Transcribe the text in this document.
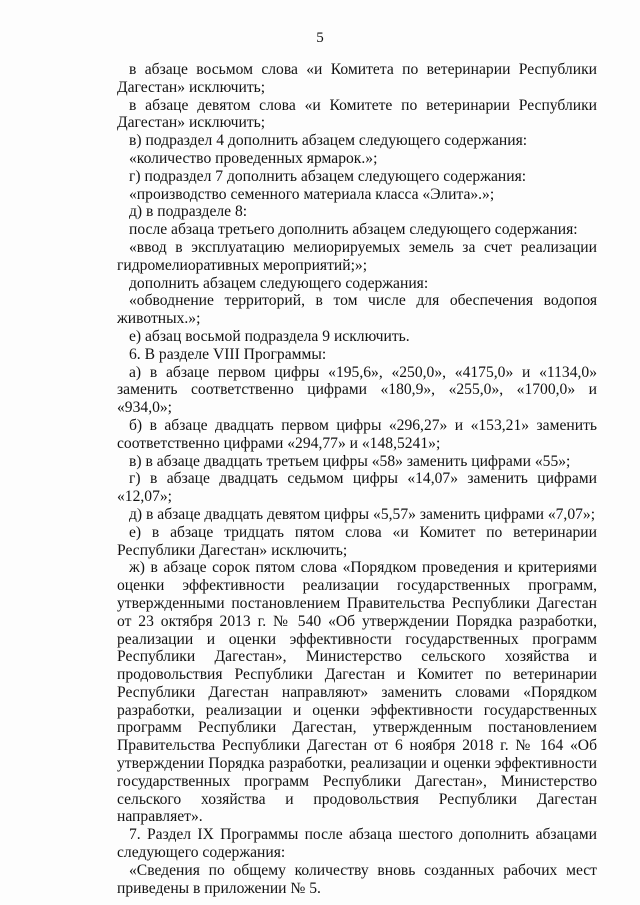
5

в абзаце восьмом слова «и Комитета по ветеринарии Республики Дагестан» исключить;

в абзаце девятом слова «и Комитете по ветеринарии Республики Дагестан» исключить;

в) подраздел 4 дополнить абзацем следующего содержания:

«количество проведенных ярмарок.»;

г) подраздел 7 дополнить абзацем следующего содержания:

«производство семенного материала класса «Элита».»;

д) в подразделе 8:

после абзаца третьего дополнить абзацем следующего содержания:

«ввод в эксплуатацию мелиорируемых земель за счет реализации гидромелиоративных мероприятий;»;

дополнить абзацем следующего содержания:

«обводнение территорий, в том числе для обеспечения водопоя животных.»;

е) абзац восьмой подраздела 9 исключить.

6. В разделе VIII Программы:

а) в абзаце первом цифры «195,6», «250,0», «4175,0» и «1134,0» заменить соответственно цифрами «180,9», «255,0», «1700,0» и «934,0»;

б) в абзаце двадцать первом цифры «296,27» и «153,21» заменить соответственно цифрами «294,77» и «148,5241»;

в) в абзаце двадцать третьем цифры «58» заменить цифрами «55»;

г) в абзаце двадцать седьмом цифры «14,07» заменить цифрами «12,07»;

д) в абзаце двадцать девятом цифры «5,57» заменить цифрами «7,07»;

е) в абзаце тридцать пятом слова «и Комитет по ветеринарии Республики Дагестан» исключить;

ж) в абзаце сорок пятом слова «Порядком проведения и критериями оценки эффективности реализации государственных программ, утвержденными постановлением Правительства Республики Дагестан от 23 октября 2013 г. № 540 «Об утверждении Порядка разработки, реализации и оценки эффективности государственных программ Республики Дагестан», Министерство сельского хозяйства и продовольствия Республики Дагестан и Комитет по ветеринарии Республики Дагестан направляют» заменить словами «Порядком разработки, реализации и оценки эффективности государственных программ Республики Дагестан, утвержденным постановлением Правительства Республики Дагестан от 6 ноября 2018 г. № 164 «Об утверждении Порядка разработки, реализации и оценки эффективности государственных программ Республики Дагестан», Министерство сельского хозяйства и продовольствия Республики Дагестан направляет».

7. Раздел IX Программы после абзаца шестого дополнить абзацами следующего содержания:

«Сведения по общему количеству вновь созданных рабочих мест приведены в приложении № 5.
